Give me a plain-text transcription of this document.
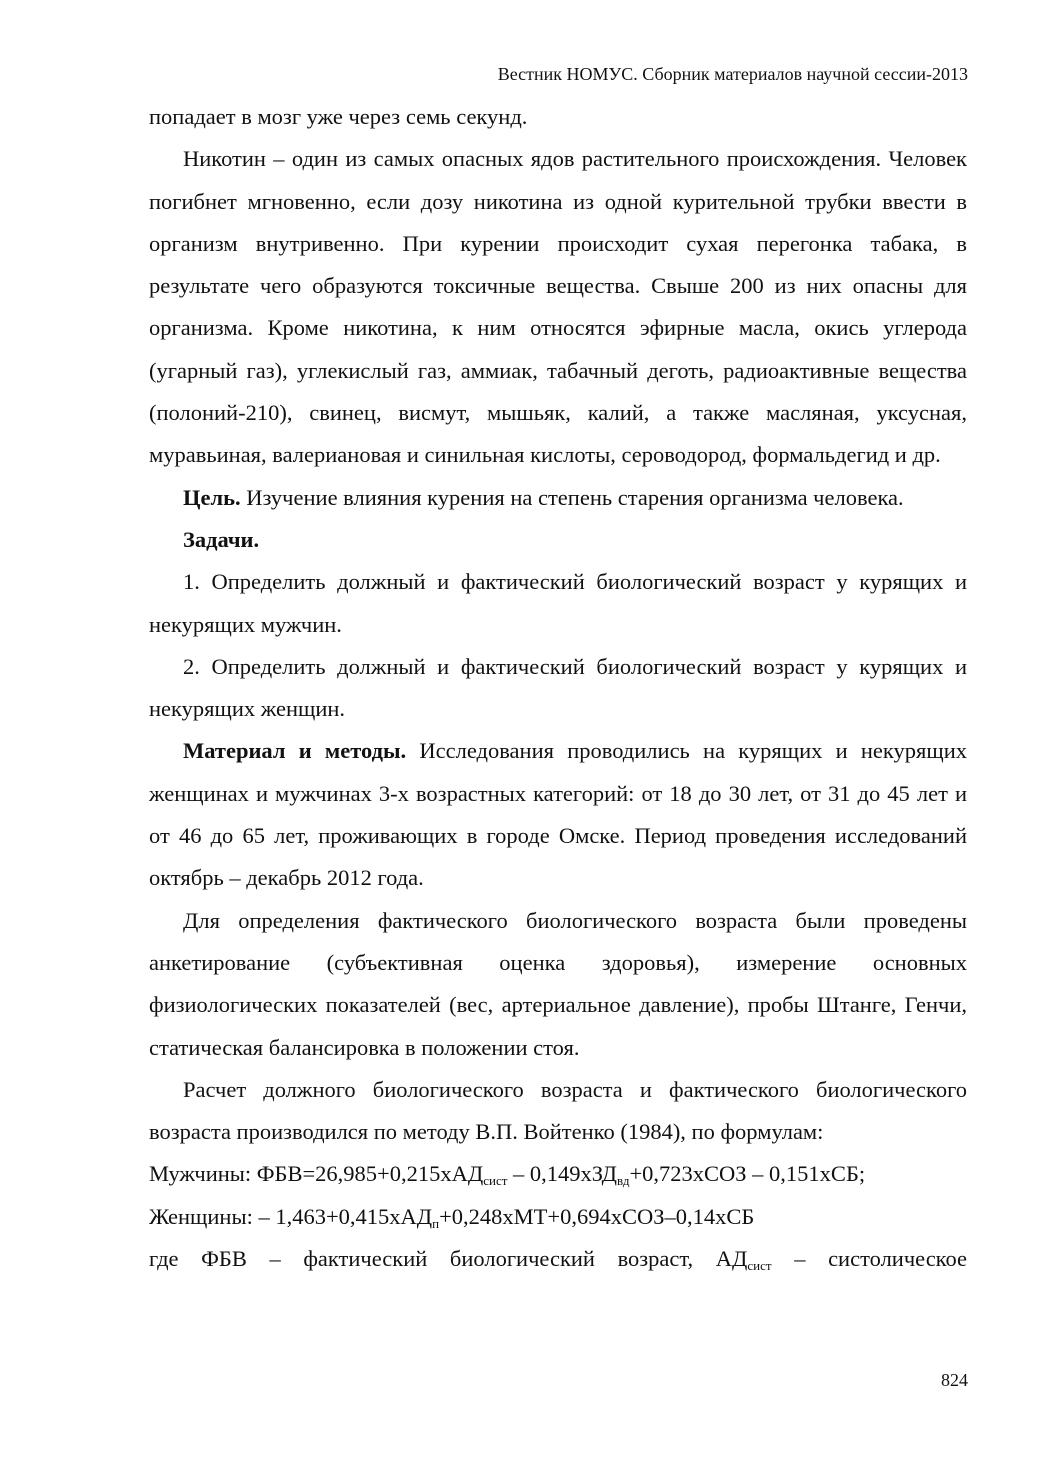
Вестник НОМУС. Сборник материалов научной сессии-2013

попадает в мозг уже через семь секунд.

Никотин – один из самых опасных ядов растительного происхождения. Человек погибнет мгновенно, если дозу никотина из одной курительной трубки ввести в организм внутривенно. При курении происходит сухая перегонка табака, в результате чего образуются токсичные вещества. Свыше 200 из них опасны для организма. Кроме никотина, к ним относятся эфирные масла, окись углерода (угарный газ), углекислый газ, аммиак, табачный деготь, радиоактивные вещества (полоний-210), свинец, висмут, мышьяк, калий, а также масляная, уксусная, муравьиная, валериановая и синильная кислоты, сероводород, формальдегид и др.

Цель. Изучение влияния курения на степень старения организма человека.

Задачи.

1. Определить должный и фактический биологический возраст у курящих и некурящих мужчин.

2. Определить должный и фактический биологический возраст у курящих и некурящих женщин.

Материал и методы. Исследования проводились на курящих и некурящих женщинах и мужчинах 3-х возрастных категорий: от 18 до 30 лет, от 31 до 45 лет и от 46 до 65 лет, проживающих в городе Омске. Период проведения исследований октябрь – декабрь 2012 года.

Для определения фактического биологического возраста были проведены анкетирование (субъективная оценка здоровья), измерение основных физиологических показателей (вес, артериальное давление), пробы Штанге, Генчи, статическая балансировка в положении стоя.

Расчет должного биологического возраста и фактического биологического возраста производился по методу В.П. Войтенко (1984), по формулам:

Мужчины: ФБВ=26,985+0,215хАД$_{сист}$ – 0,149хЗД$_{вд}$+0,723хСОЗ – 0,151хСБ;

Женщины: – 1,463+0,415хАД$_п$+0,248хМТ+0,694хСОЗ–0,14хСБ

где ФБВ – фактический биологический возраст, $АД_{сист}$ – систолическое

824
